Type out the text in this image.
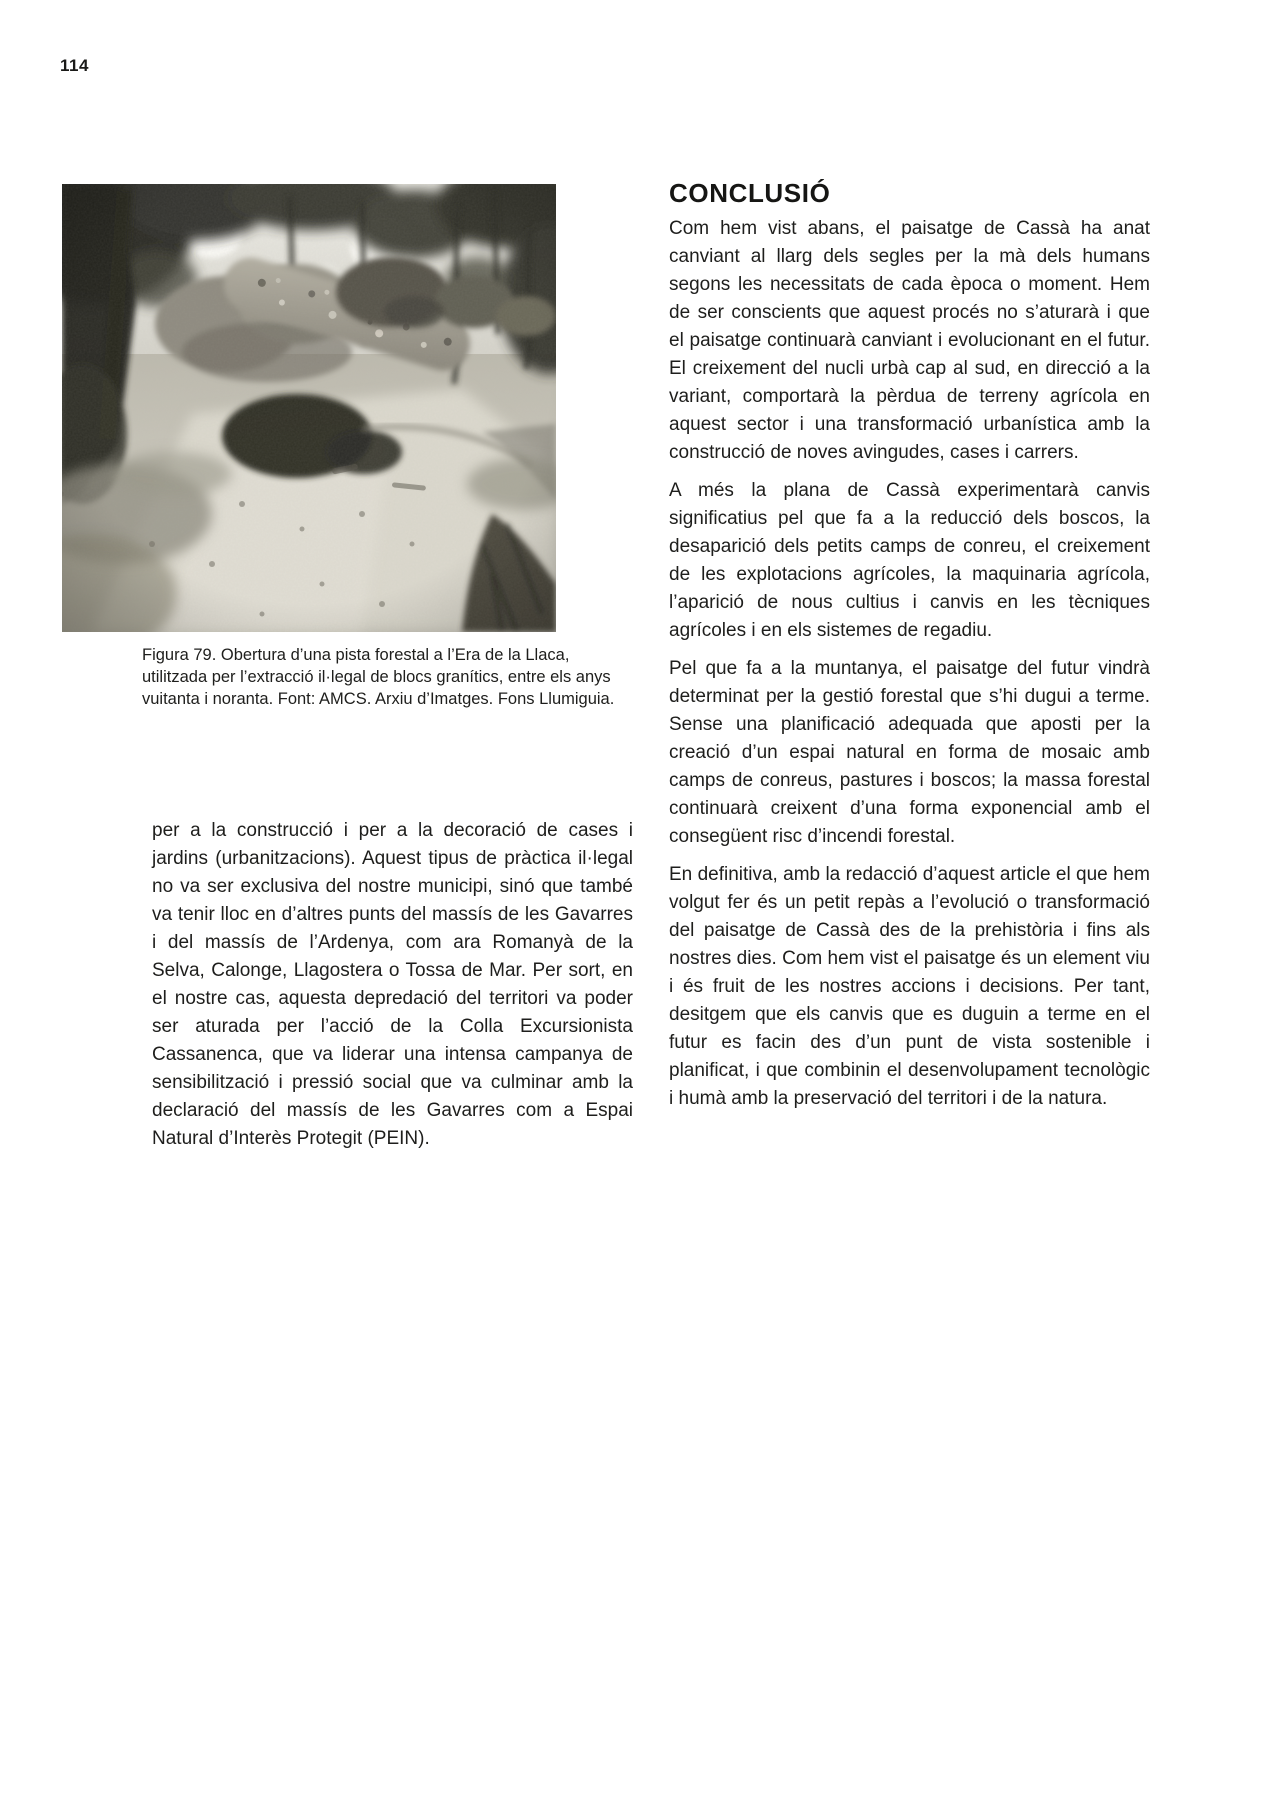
114
Figura 79. Obertura d’una pista forestal a l’Era de la Llaca, utilitzada per l’extracció il·legal de blocs granítics, entre els anys vuitanta i noranta. Font: AMCS. Arxiu d’Imatges. Fons Llumiguia.

per a la construcció i per a la decoració de cases i jardins (urbanitzacions). Aquest tipus de pràctica il·legal no va ser exclusiva del nostre municipi, sinó que també va tenir lloc en d’altres punts del massís de les Gavarres i del massís de l’Ardenya, com ara Romanyà de la Selva, Calonge, Llagostera o Tossa de Mar. Per sort, en el nostre cas, aquesta depredació del territori va poder ser aturada per l’acció de la Colla Excursionista Cassanenca, que va liderar una intensa campanya de sensibilització i pressió social que va culminar amb la declaració del massís de les Gavarres com a Espai Natural d’Interès Protegit (PEIN).

CONCLUSIÓ

Com hem vist abans, el paisatge de Cassà ha anat canviant al llarg dels segles per la mà dels humans segons les necessitats de cada època o moment. Hem de ser conscients que aquest procés no s’aturarà i que el paisatge continuarà canviant i evolucionant en el futur. El creixement del nucli urbà cap al sud, en direcció a la variant, comportarà la pèrdua de terreny agrícola en aquest sector i una transformació urbanística amb la construcció de noves avingudes, cases i carrers.

A més la plana de Cassà experimentarà canvis significatius pel que fa a la reducció dels boscos, la desaparició dels petits camps de conreu, el creixement de les explotacions agrícoles, la maquinaria agrícola, l’aparició de nous cultius i canvis en les tècniques agrícoles i en els sistemes de regadiu.

Pel que fa a la muntanya, el paisatge del futur vindrà determinat per la gestió forestal que s’hi dugui a terme. Sense una planificació adequada que aposti per la creació d’un espai natural en forma de mosaic amb camps de conreus, pastures i boscos; la massa forestal continuarà creixent d’una forma exponencial amb el consegüent risc d’incendi forestal.

En definitiva, amb la redacció d’aquest article el que hem volgut fer és un petit repàs a l’evolució o transformació del paisatge de Cassà des de la prehistòria i fins als nostres dies. Com hem vist el paisatge és un element viu i és fruit de les nostres accions i decisions. Per tant, desitgem que els canvis que es duguin a terme en el futur es facin des d’un punt de vista sostenible i planificat, i que combinin el desenvolupament tecnològic i humà amb la preservació del territori i de la natura.
